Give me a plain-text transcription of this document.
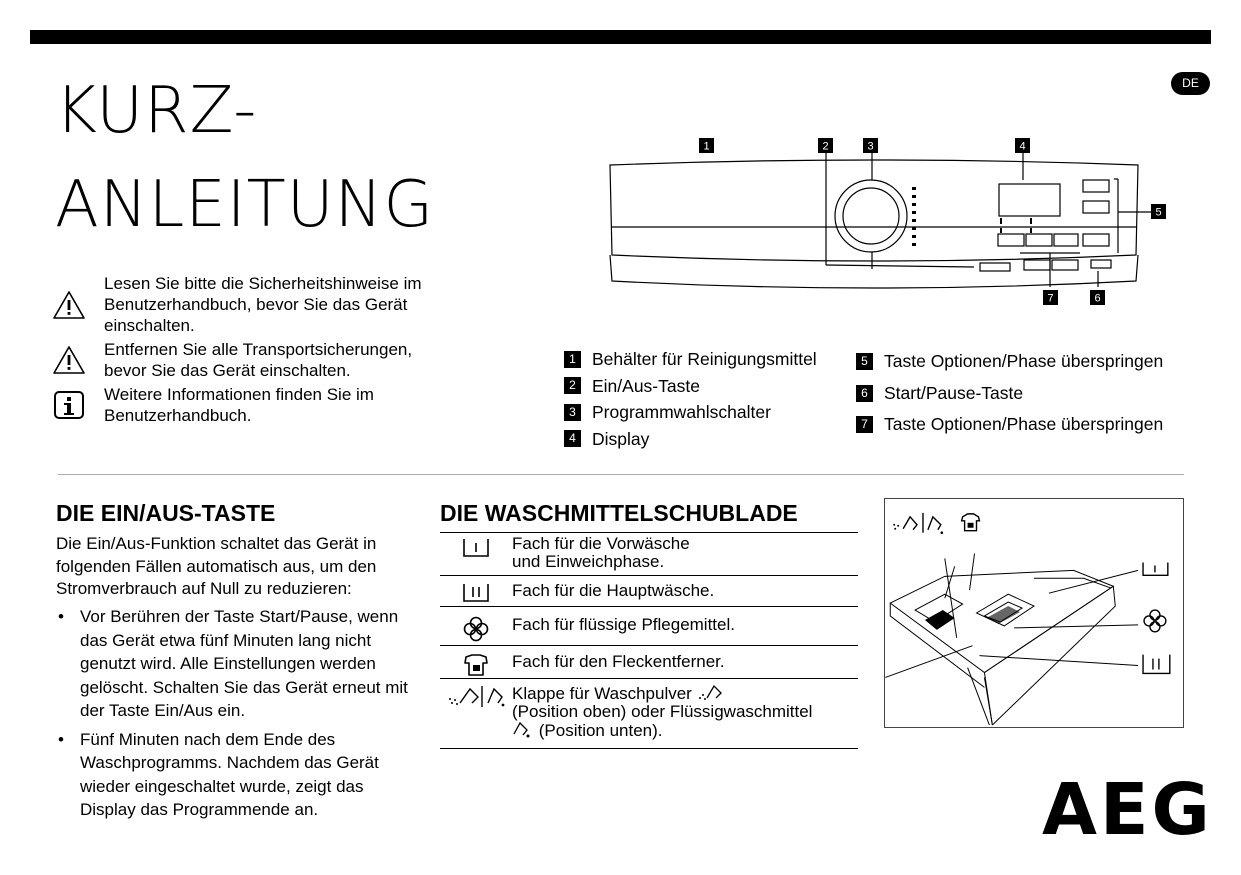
DE
KURZ-
ANLEITUNG
Lesen Sie bitte die Sicherheitshinweise im Benutzerhandbuch, bevor Sie das Gerät einschalten.
Entfernen Sie alle Transportsicherungen, bevor Sie das Gerät einschalten.
Weitere Informationen finden Sie im Benutzerhandbuch.
1	2	3	4
5
6
7
1 Behälter für Reinigungsmittel
2 Ein/Aus-Taste
3 Programmwahlschalter
4 Display
5 Taste Optionen/Phase überspringen
6 Start/Pause-Taste
7 Taste Optionen/Phase überspringen
DIE EIN/AUS-TASTE

Die Ein/Aus-Funktion schaltet das Gerät in folgenden Fällen automatisch aus, um den Stromverbrauch auf Null zu reduzieren:

• Vor Berühren der Taste Start/Pause, wenn das Gerät etwa fünf Minuten lang nicht genutzt wird. Alle Einstellungen werden gelöscht. Schalten Sie das Gerät erneut mit der Taste Ein/Aus ein.
• Fünf Minuten nach dem Ende des Waschprogramms. Nachdem das Gerät wieder eingeschaltet wurde, zeigt das Display das Programmende an.
DIE WASCHMITTELSCHUBLADE
Fach für die Vorwäsche
und Einweichphase.
Fach für die Hauptwäsche.
Fach für flüssige Pflegemittel.
Fach für den Fleckentferner.
Klappe für Waschpulver
(Position oben) oder Flüssigwaschmittel
(Position unten).
AEG
